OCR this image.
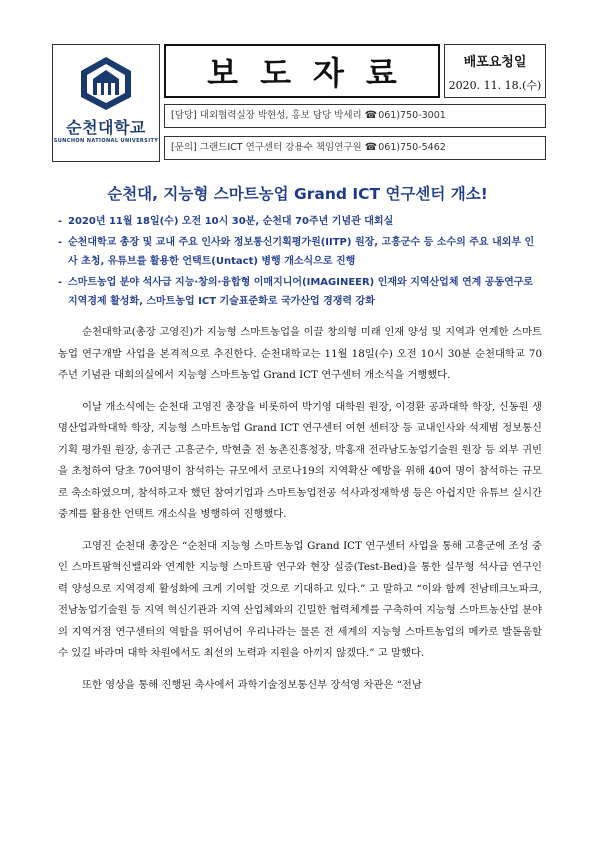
순천대학교
SUNCHON NATIONAL UNIVERSITY
보도자료	배포요청일
2020. 11. 18.(수)
[담당] 대외협력실장 박현성, 홍보 담당 박세리 ☎061)750-3001
[문의] 그랜드ICT 연구센터 강용수 책임연구원 ☎061)750-5462
순천대, 지능형 스마트농업 Grand ICT 연구센터 개소!
- 2020년 11월 18일(수) 오전 10시 30분, 순천대 70주년 기념관 대회실
- 순천대학교 총장 및 교내 주요 인사와 정보통신기획평가원(IITP) 원장, 고흥군수 등 소수의 주요 내외부 인사 초청, 유튜브를 활용한 언택트(Untact) 병행 개소식으로 진행
- 스마트농업 분야 석사급 지능·창의·융합형 이매지니어(IMAGINEER) 인재와 지역산업체 연계 공동연구로 지역경제 활성화, 스마트농업 ICT 기술표준화로 국가산업 경쟁력 강화

순천대학교(총장 고영진)가 지능형 스마트농업을 이끌 창의형 미래 인재 양성 및 지역과 연계한 스마트농업 연구개발 사업을 본격적으로 추진한다. 순천대학교는 11월 18일(수) 오전 10시 30분 순천대학교 70주년 기념관 대회의실에서 지능형 스마트농업 Grand ICT 연구센터 개소식을 거행했다.

이날 개소식에는 순천대 고영진 총장을 비롯하여 박기영 대학원 원장, 이경환 공과대학 학장, 신동원 생명산업과학대학 학장, 지능형 스마트농업 Grand ICT 연구센터 여현 센터장 등 교내인사와 석제범 정보통신기획 평가원 원장, 송귀근 고흥군수, 박현출 전 농촌진흥청장, 박홍재 전라남도농업기술원 원장 등 외부 귀빈을 초청하여 당초 70여명이 참석하는 규모에서 코로나19의 지역확산 예방을 위해 40여 명이 참석하는 규모로 축소하였으며, 참석하고자 했던 참여기업과 스마트농업전공 석사과정재학생 등은 아쉽지만 유튜브 실시간 중계를 활용한 언택트 개소식을 병행하여 진행했다.

고영진 순천대 총장은 “순천대 지능형 스마트농업 Grand ICT 연구센터 사업을 통해 고흥군에 조성 중인 스마트팜혁신밸리와 연계한 지능형 스마트팜 연구와 현장 실증(Test-Bed)을 통한 실무형 석사급 연구인력 양성으로 지역경제 활성화에 크게 기여할 것으로 기대하고 있다.” 고 말하고 “이와 함께 전남테크노파크, 전남농업기술원 등 지역 혁신기관과 지역 산업체와의 긴밀한 협력체계를 구축하여 지능형 스마트농산업 분야의 지역거점 연구센터의 역할을 뛰어넘어 우리나라는 물론 전 세계의 지능형 스마트농업의 메카로 발돋움할 수 있길 바라며 대학 차원에서도 최선의 노력과 지원을 아끼지 않겠다.” 고 말했다.

또한 영상을 통해 진행된 축사에서 과학기술정보통신부 장석영 차관은 “전남
